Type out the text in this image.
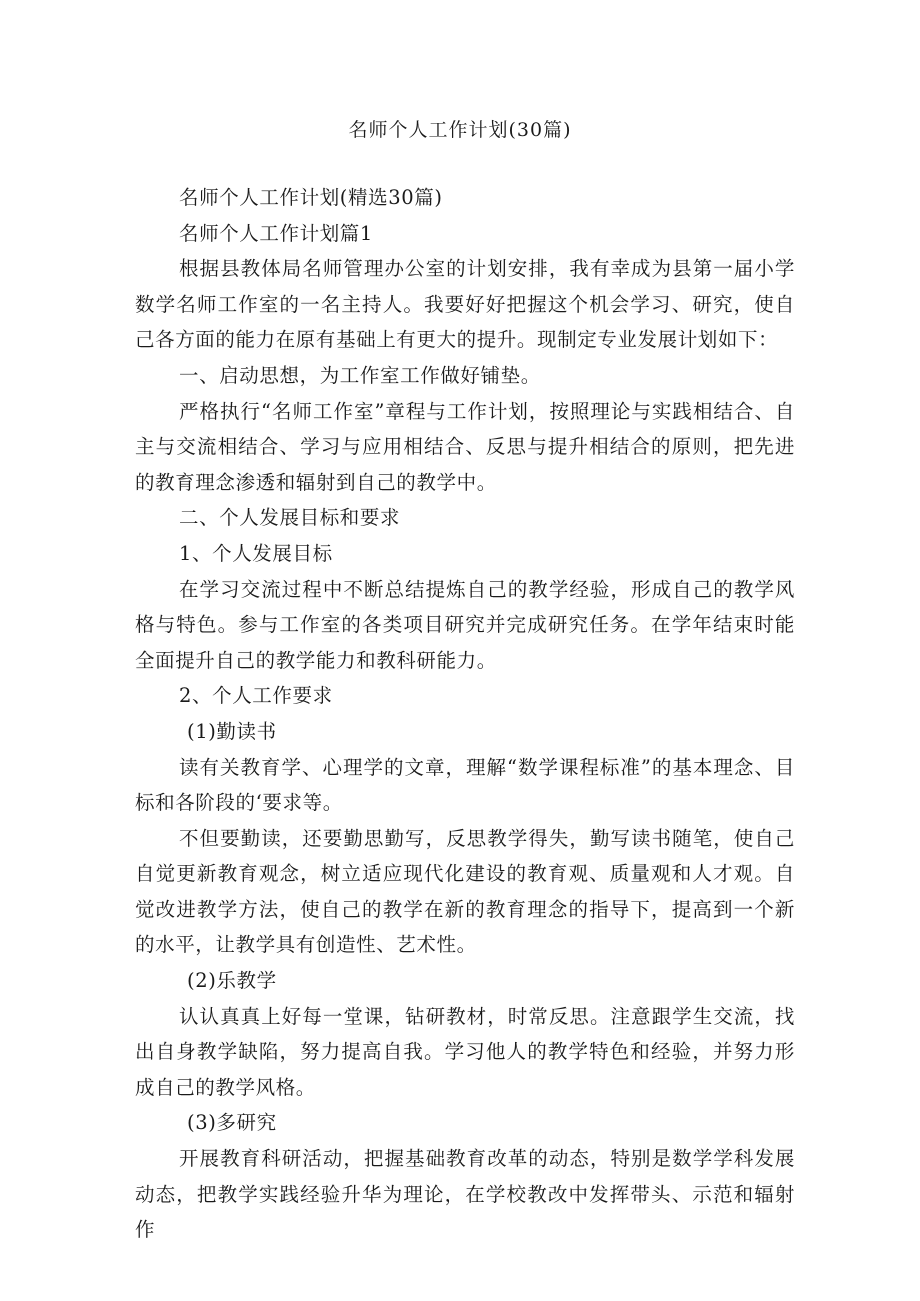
名师个人工作计划(30篇)

名师个人工作计划(精选30篇)

名师个人工作计划篇1

根据县教体局名师管理办公室的计划安排，我有幸成为县第一届小学数学名师工作室的一名主持人。我要好好把握这个机会学习、研究，使自己各方面的能力在原有基础上有更大的提升。现制定专业发展计划如下：

一、启动思想，为工作室工作做好铺垫。

严格执行“名师工作室”章程与工作计划，按照理论与实践相结合、自主与交流相结合、学习与应用相结合、反思与提升相结合的原则，把先进的教育理念渗透和辐射到自己的教学中。

二、个人发展目标和要求

1、个人发展目标

在学习交流过程中不断总结提炼自己的教学经验，形成自己的教学风格与特色。参与工作室的各类项目研究并完成研究任务。在学年结束时能全面提升自己的教学能力和教科研能力。

2、个人工作要求

(1)勤读书

读有关教育学、心理学的文章，理解“数学课程标准”的基本理念、目标和各阶段的‘要求等。

不但要勤读，还要勤思勤写，反思教学得失，勤写读书随笔，使自己自觉更新教育观念，树立适应现代化建设的教育观、质量观和人才观。自觉改进教学方法，使自己的教学在新的教育理念的指导下，提高到一个新的水平，让教学具有创造性、艺术性。

(2)乐教学

认认真真上好每一堂课，钻研教材，时常反思。注意跟学生交流，找出自身教学缺陷，努力提高自我。学习他人的教学特色和经验，并努力形成自己的教学风格。

(3)多研究

开展教育科研活动，把握基础教育改革的动态，特别是数学学科发展动态，把教学实践经验升华为理论，在学校教改中发挥带头、示范和辐射作
